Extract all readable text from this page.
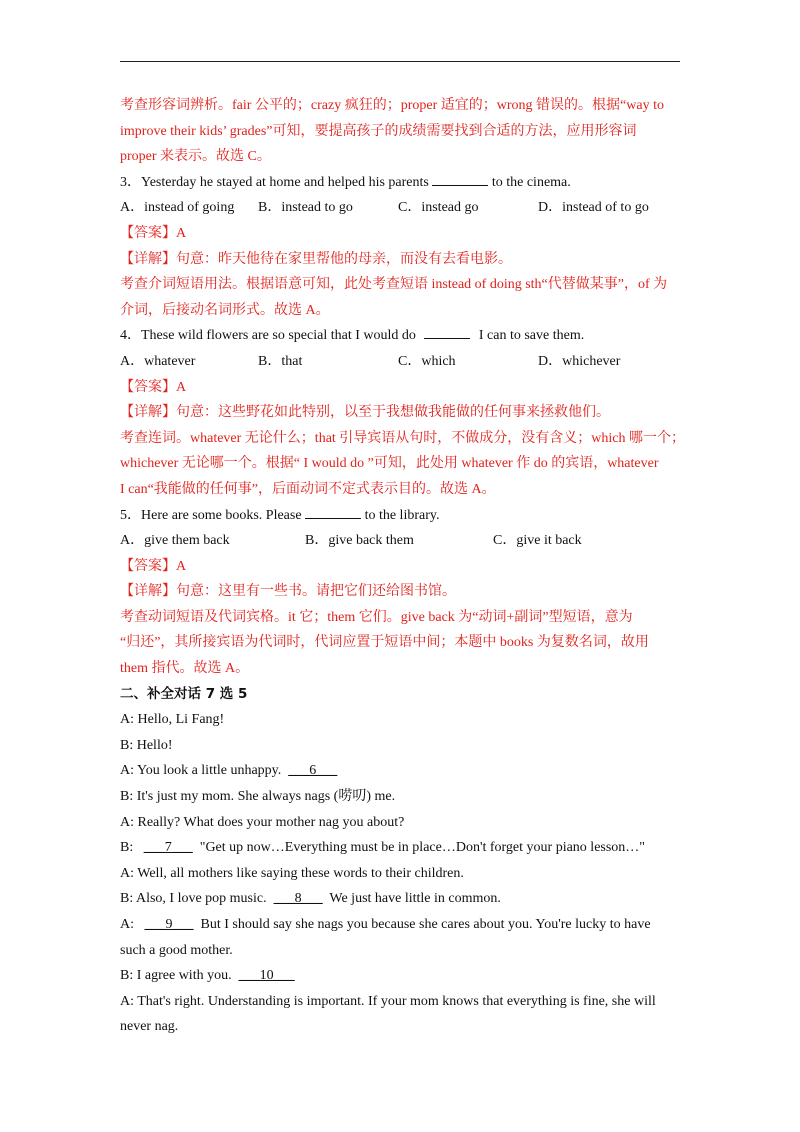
考查形容词辨析。fair 公平的；crazy 疯狂的；proper 适宜的；wrong 错误的。根据“way to
improve their kids’ grades”可知，要提高孩子的成绩需要找到合适的方法，应用形容词
proper 来表示。故选 C。
3．Yesterday he stayed at home and helped his parents	to the cinema.
A．instead of going	B．instead to go	C．instead go	D．instead of to go
【答案】A
【详解】句意：昨天他待在家里帮他的母亲，而没有去看电影。
考查介词短语用法。根据语意可知，此处考查短语 instead of doing sth“代替做某事”，of 为
介词，后接动名词形式。故选 A。
4．These wild flowers are so special that I would do	I can to save them.
A．whatever	B．that	C．which	D．whichever
【答案】A
【详解】句意：这些野花如此特别，以至于我想做我能做的任何事来拯救他们。
考查连词。whatever 无论什么；that 引导宾语从句时，不做成分，没有含义；which 哪一个；
whichever 无论哪一个。根据“ I would do ”可知，此处用 whatever 作 do 的宾语，whatever
I can“我能做的任何事”，后面动词不定式表示目的。故选 A。
5．Here are some books. Please	to the library.
A．give them back	B．give back them	C．give it back
【答案】A
【详解】句意：这里有一些书。请把它们还给图书馆。
考查动词短语及代词宾格。it 它；them 它们。give back 为“动词+副词”型短语，意为
“归还”，其所接宾语为代词时，代词应置于短语中间；本题中 books 为复数名词，故用
them 指代。故选 A。
二、补全对话 7 选 5
A: Hello, Li Fang!
B: Hello!
A: You look a little unhappy.  ___6___
B: It's just my mom. She always nags (唠叨) me.
A: Really? What does your mother nag you about?
B:   ___7___  "Get up now…Everything must be in place…Don't forget your piano lesson…"
A: Well, all mothers like saying these words to their children.
B: Also, I love pop music.  ___8___  We just have little in common.
A:   ___9___  But I should say she nags you because she cares about you. You're lucky to have
such a good mother.
B: I agree with you.  ___10___
A: That's right. Understanding is important. If your mom knows that everything is fine, she will
never nag.
